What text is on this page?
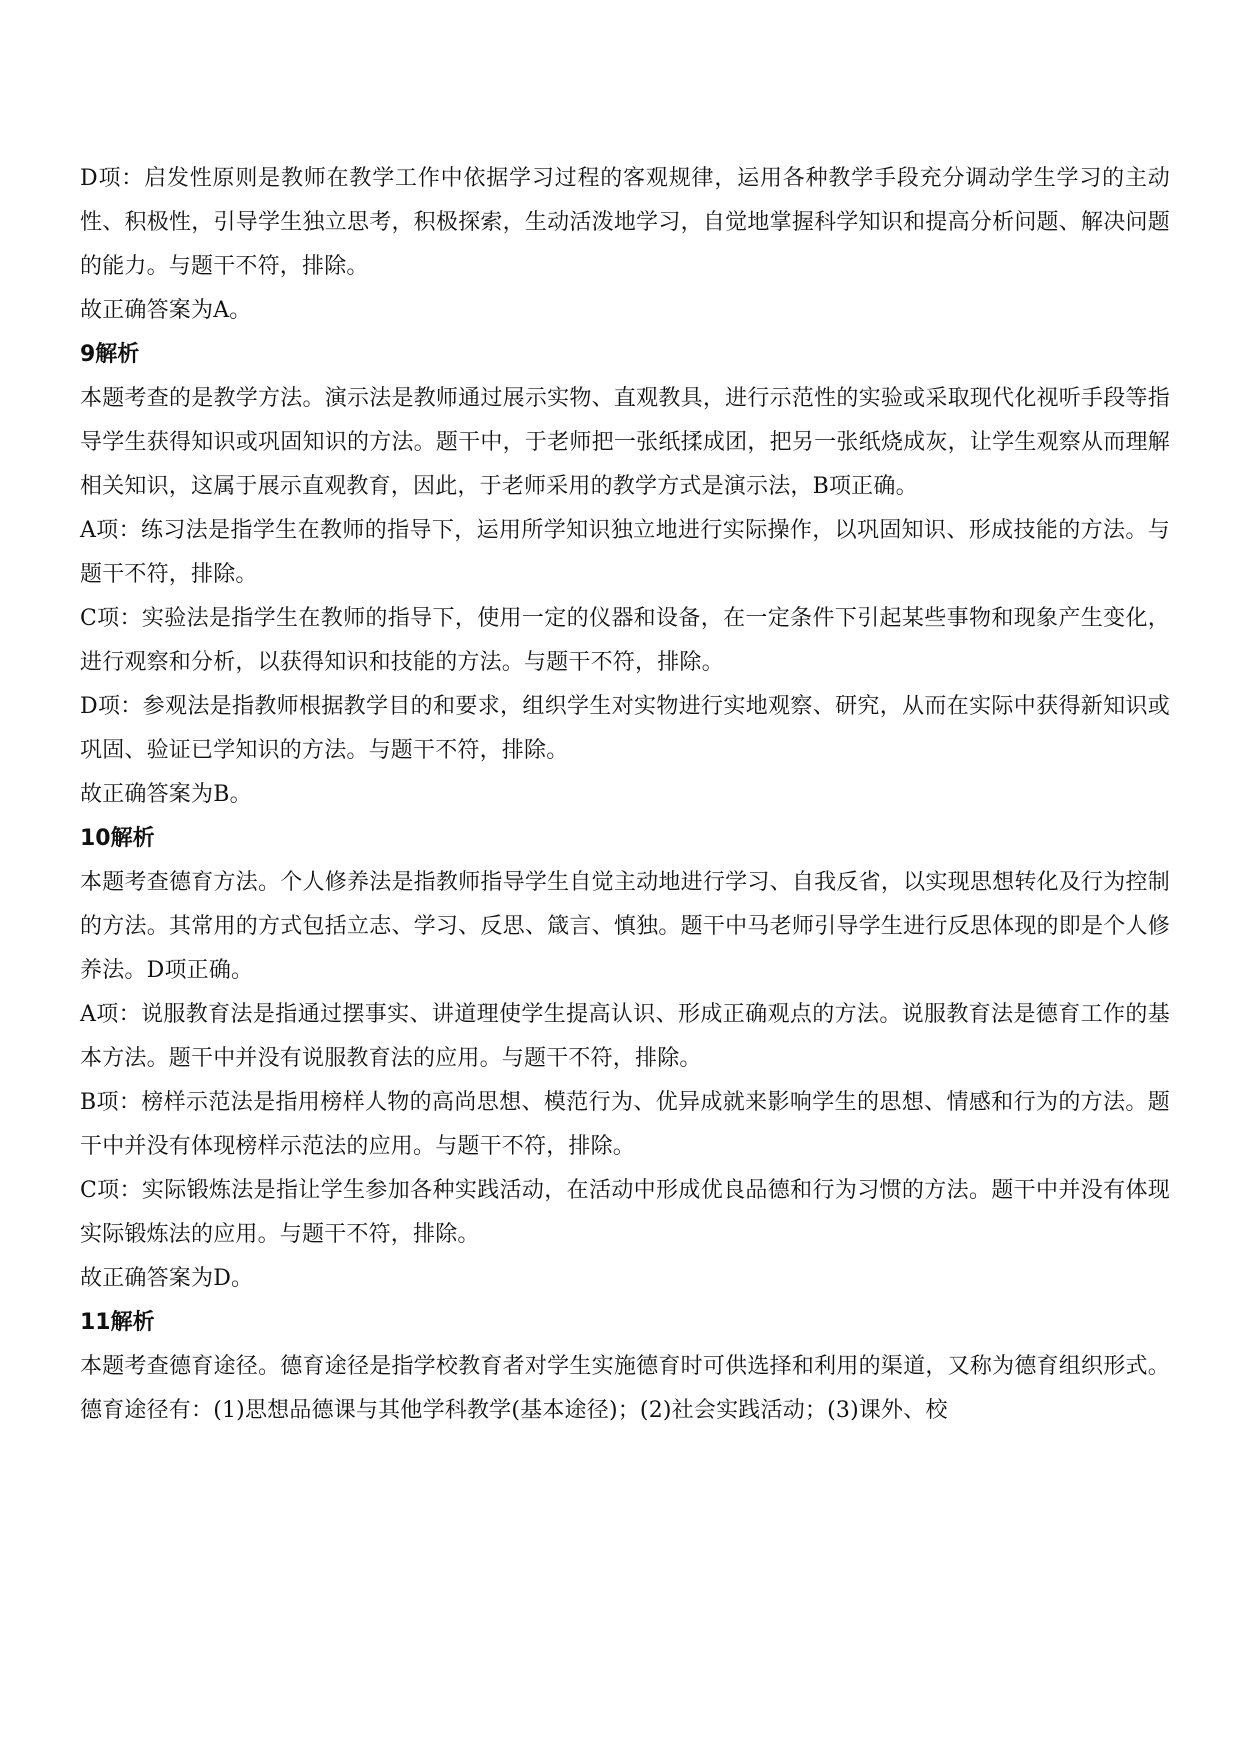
D项：启发性原则是教师在教学工作中依据学习过程的客观规律，运用各种教学手段充分调动学生学习的主动性、积极性，引导学生独立思考，积极探索，生动活泼地学习，自觉地掌握科学知识和提高分析问题、解决问题的能力。与题干不符，排除。

故正确答案为A。

9解析

本题考查的是教学方法。演示法是教师通过展示实物、直观教具，进行示范性的实验或采取现代化视听手段等指导学生获得知识或巩固知识的方法。题干中，于老师把一张纸揉成团，把另一张纸烧成灰，让学生观察从而理解相关知识，这属于展示直观教育，因此，于老师采用的教学方式是演示法，B项正确。

A项：练习法是指学生在教师的指导下，运用所学知识独立地进行实际操作，以巩固知识、形成技能的方法。与题干不符，排除。

C项：实验法是指学生在教师的指导下，使用一定的仪器和设备，在一定条件下引起某些事物和现象产生变化，进行观察和分析，以获得知识和技能的方法。与题干不符，排除。

D项：参观法是指教师根据教学目的和要求，组织学生对实物进行实地观察、研究，从而在实际中获得新知识或巩固、验证已学知识的方法。与题干不符，排除。

故正确答案为B。

10解析

本题考查德育方法。个人修养法是指教师指导学生自觉主动地进行学习、自我反省，以实现思想转化及行为控制的方法。其常用的方式包括立志、学习、反思、箴言、慎独。题干中马老师引导学生进行反思体现的即是个人修养法。D项正确。

A项：说服教育法是指通过摆事实、讲道理使学生提高认识、形成正确观点的方法。说服教育法是德育工作的基本方法。题干中并没有说服教育法的应用。与题干不符，排除。

B项：榜样示范法是指用榜样人物的高尚思想、模范行为、优异成就来影响学生的思想、情感和行为的方法。题干中并没有体现榜样示范法的应用。与题干不符，排除。

C项：实际锻炼法是指让学生参加各种实践活动，在活动中形成优良品德和行为习惯的方法。题干中并没有体现实际锻炼法的应用。与题干不符，排除。

故正确答案为D。

11解析

本题考查德育途径。德育途径是指学校教育者对学生实施德育时可供选择和利用的渠道，又称为德育组织形式。德育途径有：(1)思想品德课与其他学科教学(基本途径)；(2)社会实践活动；(3)课外、校
